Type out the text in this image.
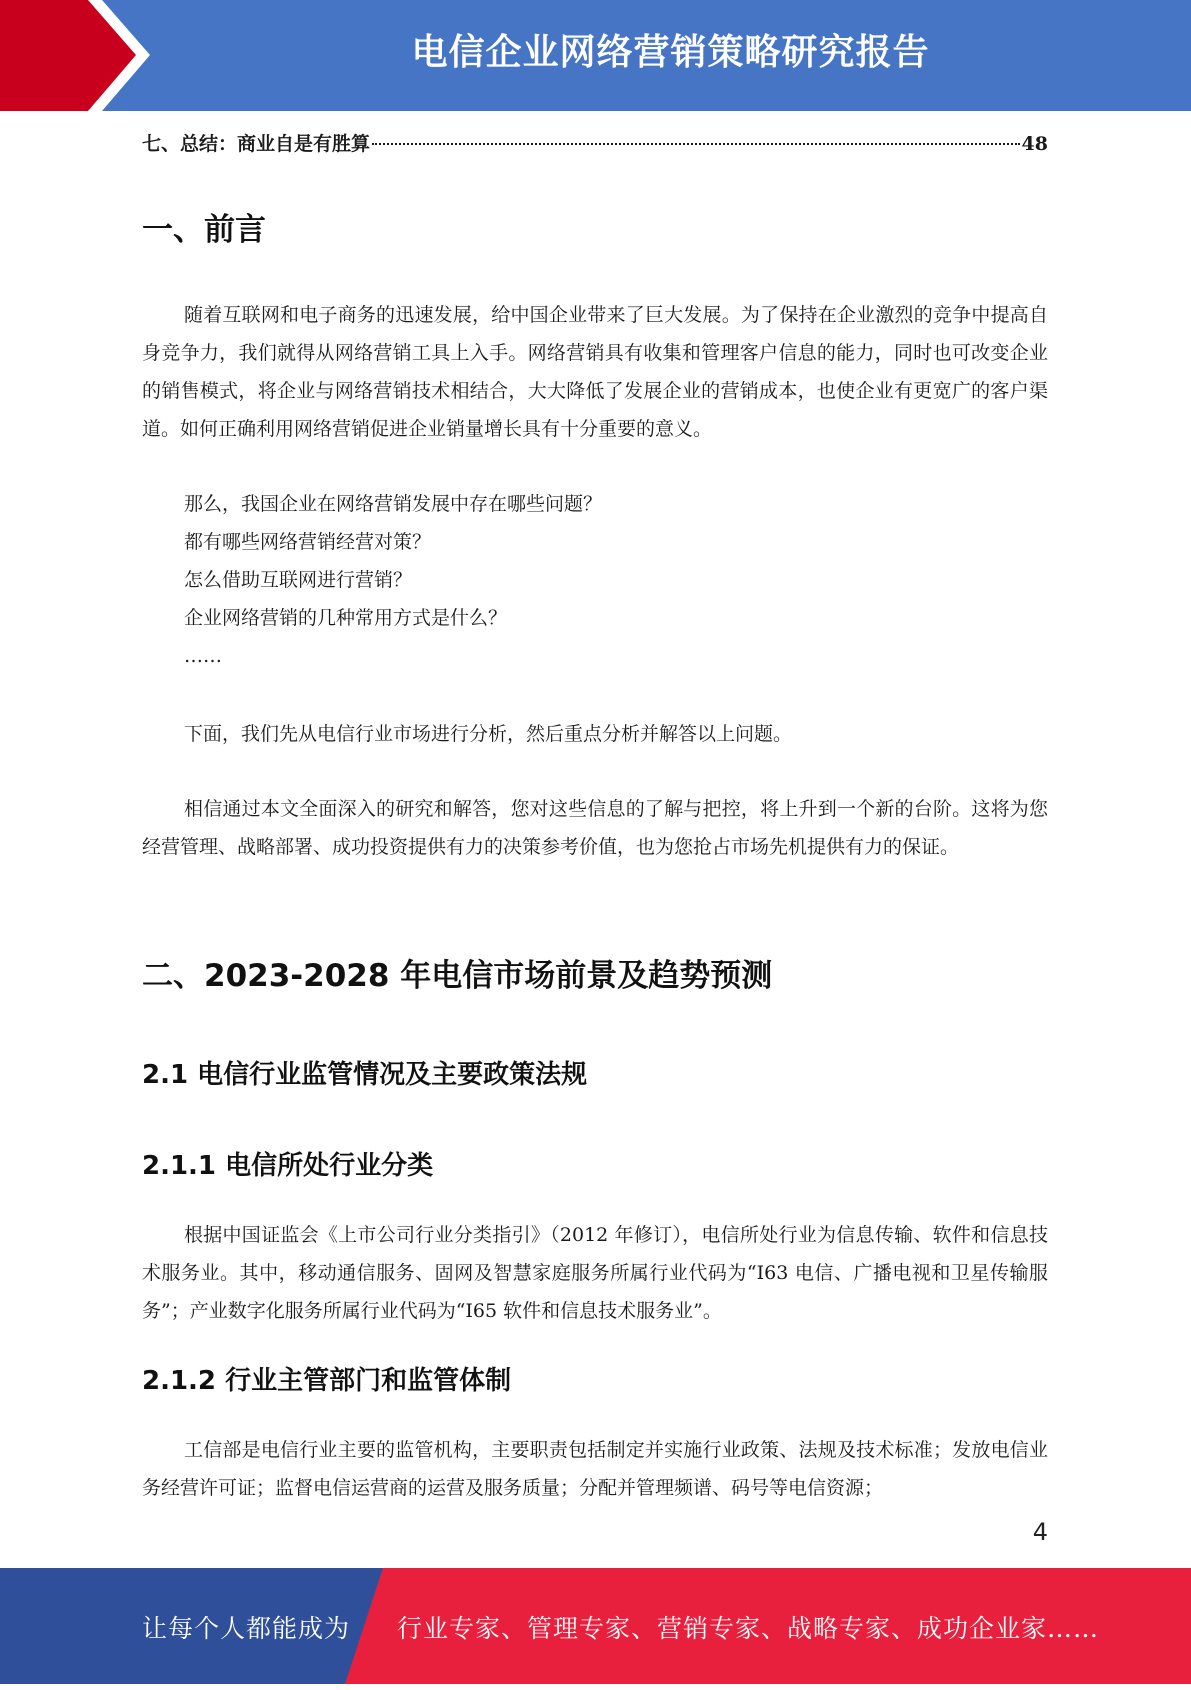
电信企业网络营销策略研究报告
七、总结：商业自是有胜算	48
一、前言

随着互联网和电子商务的迅速发展，给中国企业带来了巨大发展。为了保持在企业激烈的竞争中提高自身竞争力，我们就得从网络营销工具上入手。网络营销具有收集和管理客户信息的能力，同时也可改变企业的销售模式，将企业与网络营销技术相结合，大大降低了发展企业的营销成本，也使企业有更宽广的客户渠道。如何正确利用网络营销促进企业销量增长具有十分重要的意义。

那么，我国企业在网络营销发展中存在哪些问题？
都有哪些网络营销经营对策？
怎么借助互联网进行营销？
企业网络营销的几种常用方式是什么？
……

下面，我们先从电信行业市场进行分析，然后重点分析并解答以上问题。

相信通过本文全面深入的研究和解答，您对这些信息的了解与把控，将上升到一个新的台阶。这将为您经营管理、战略部署、成功投资提供有力的决策参考价值，也为您抢占市场先机提供有力的保证。

二、2023-2028 年电信市场前景及趋势预测
2.1 电信行业监管情况及主要政策法规
2.1.1 电信所处行业分类

根据中国证监会《上市公司行业分类指引》（2012 年修订），电信所处行业为信息传输、软件和信息技术服务业。其中，移动通信服务、固网及智慧家庭服务所属行业代码为“I63 电信、广播电视和卫星传输服务”；产业数字化服务所属行业代码为“I65 软件和信息技术服务业”。

2.1.2 行业主管部门和监管体制

工信部是电信行业主要的监管机构，主要职责包括制定并实施行业政策、法规及技术标准；发放电信业务经营许可证；监督电信运营商的运营及服务质量；分配并管理频谱、码号等电信资源；

4
让每个人都能成为 行业专家、管理专家、营销专家、战略专家、成功企业家……
